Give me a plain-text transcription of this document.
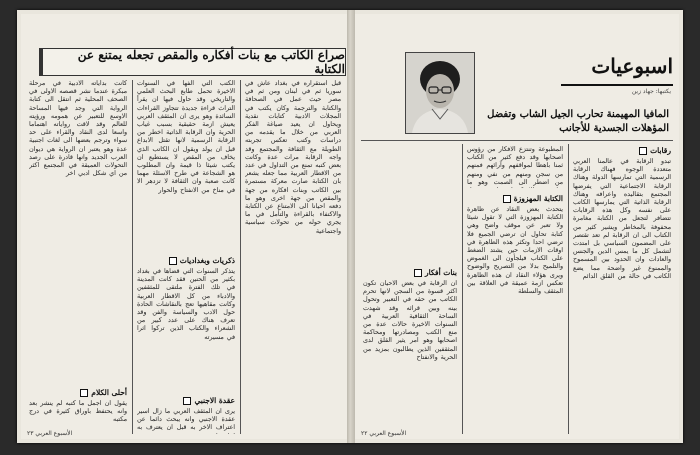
صراع الكاتب مع بنات أفكاره والمقص تجعله يمتنع عن الكتابة

قبل استقراره في بغداد عاش في سوريا ثم في لبنان ومن ثم في مصر حيث عمل في الصحافة والكتابة والترجمة وكان يكتب في المجلات الادبية كتابات نقدية ويحاول ان يعيد صياغة الفكر العربي من خلال ما يقدمه من دراسات وكتب تعكس تجربته الطويلة مع الثقافة والمجتمع وقد واجه الرقابة مرات عدة وكانت بعض كتبه تمنع من التداول في عدد من الاقطار العربية مما جعله يشعر بان الكتابة صارت معركة مستمرة بين الكاتب وبنات افكاره من جهة والمقص من جهة اخرى وهو ما دفعه احيانا الى الامتناع عن الكتابة والاكتفاء بالقراءة والتأمل في ما يجري حوله من تحولات سياسية واجتماعية

الكتب التي الفها في السنوات الاخيرة تحمل طابع البحث العلمي والتاريخي وقد حاول فيها ان يقرأ التراث قراءة جديدة تتجاوز القراءات السائدة وهو يرى ان المثقف العربي يعيش ازمة حقيقية بسبب غياب الحرية وان الرقابة الذاتية اخطر من الرقابة الرسمية لانها تقتل الابداع قبل ان يولد ويقول ان الكاتب الذي يخاف من المقص لا يستطيع ان يكتب شيئا ذا قيمة وان المطلوب هو الشجاعة في طرح الاسئلة مهما كانت صعبة وان الثقافة لا تزدهر الا في مناخ من الانفتاح والحوار

ذكريات وبغداديات

يتذكر السنوات التي قضاها في بغداد بكثير من الحنين فقد كانت المدينة في تلك الفترة ملتقى للمثقفين والادباء من كل الاقطار العربية وكانت مقاهيها تعج بالنقاشات الحادة حول الادب والسياسة والفن وقد تعرف هناك على عدد كبير من الشعراء والكتاب الذين تركوا اثرا في مسيرته

عقدة الاجنبي

يرى ان المثقف العربي ما زال اسير عقدة الاجنبي وانه يبحث دائما عن اعتراف الاخر به قبل ان يعترف به

كانت بداياته الادبية في مرحلة مبكرة عندما نشر قصصه الاولى في الصحف المحلية ثم انتقل الى كتابة الرواية التي وجد فيها المساحة الاوسع للتعبير عن همومه ورؤيته للعالم وقد لاقت رواياته اهتماما واسعا لدى النقاد والقراء على حد سواء وترجم بعضها الى لغات اجنبية عدة وهو يعتبر ان الرواية هي ديوان العرب الجديد وانها قادرة على رصد التحولات العميقة في المجتمع اكثر من اي شكل ادبي اخر

أحلى الكلام

يقول ان اجمل ما كتبه لم ينشر بعد وانه يحتفظ باوراق كثيرة في درج مكتبه

الأسبوع العربي ٢٣
اسبوعيات
يكتبها: جهاد زين
المافيا المهيمنة تحارب الجيل الشاب وتفضل المؤهلات الجسدية للأجانب
رقابات

تبدو الرقابة في عالمنا العربي متعددة الوجوه فهناك الرقابة الرسمية التي تمارسها الدولة وهناك الرقابة الاجتماعية التي يفرضها المجتمع بتقاليده واعرافه وهناك الرقابة الذاتية التي يمارسها الكاتب على نفسه وكل هذه الرقابات تتضافر لتجعل من الكتابة مغامرة محفوفة بالمخاطر ويشير كثير من الكتاب الى ان الرقابة لم تعد تقتصر على المضمون السياسي بل امتدت لتشمل كل ما يمس الدين والجنس والعادات وان الحدود بين المسموح والممنوع غير واضحة مما يضع الكاتب في حالة من القلق الدائم

المطبوعة وتنتزع الافكار من رؤوس اصحابها وقد دفع كثير من الكتاب ثمنا باهظا لمواقفهم وآرائهم فمنهم من سجن ومنهم من نفي ومنهم من اضطر الى الصمت وهو ما

الكتابة المهزوزة

يتحدث بعض النقاد عن ظاهرة الكتابة المهزوزة التي لا تقول شيئا ولا تعبر عن موقف واضح وهي كتابة تحاول ان ترضي الجميع فلا ترضي احدا وتكثر هذه الظاهرة في اوقات الازمات حين يشتد الضغط على الكتاب فيلجأون الى الغموض والتلميح بدلا من التصريح والوضوح ويرى هؤلاء النقاد ان هذه الظاهرة تعكس ازمة عميقة في العلاقة بين المثقف والسلطة

بنات أفكار

ان الرقابة في بعض الاحيان تكون اكثر قسوة من السجن لانها تحرم الكاتب من حقه في التعبير وتحول بينه وبين قرائه وقد شهدت الساحة الثقافية العربية في السنوات الاخيرة حالات عدة من منع الكتب ومصادرتها ومحاكمة اصحابها وهو امر يثير القلق لدى المثقفين الذين يطالبون بمزيد من الحرية والانفتاح

الأسبوع العربي ٢٢
